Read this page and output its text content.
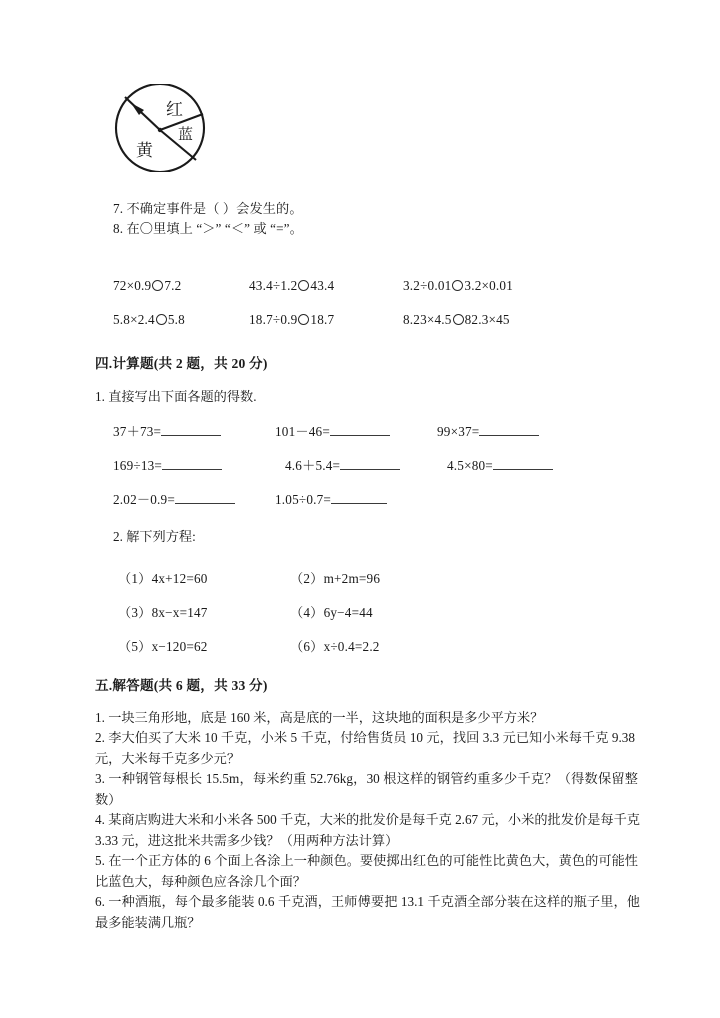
红
蓝
黄
7. 不确定事件是（ ）会发生的。
8. 在〇里填上 “＞” “＜” 或 “=”。
72×0.9 7.2	43.4÷1.2 43.4	3.2÷0.01 3.2×0.01
5.8×2.4 5.8	18.7÷0.9 18.7	8.23×4.5 82.3×45
四.计算题(共 2 题，共 20 分)
1. 直接写出下面各题的得数.
37＋73=	101－46=	99×37=
169÷13=	4.6＋5.4=	4.5×80=
2.02－0.9=	1.05÷0.7=
2. 解下列方程:
（1）4x+12=60	（2）m+2m=96
（3）8x−x=147	（4）6y−4=44
（5）x−120=62	（6）x÷0.4=2.2
五.解答题(共 6 题，共 33 分)
1. 一块三角形地，底是 160 米，高是底的一半，这块地的面积是多少平方米？
2. 李大伯买了大米 10 千克，小米 5 千克，付给售货员 10 元，找回 3.3 元已知小米每千克 9.38 元，大米每千克多少元？
3. 一种钢管每根长 15.5m，每米约重 52.76kg，30 根这样的钢管约重多少千克？（得数保留整数）
4. 某商店购进大米和小米各 500 千克，大米的批发价是每千克 2.67 元，小米的批发价是每千克 3.33 元，进这批米共需多少钱？（用两种方法计算）
5. 在一个正方体的 6 个面上各涂上一种颜色。要使掷出红色的可能性比黄色大，黄色的可能性比蓝色大，每种颜色应各涂几个面？
6. 一种酒瓶，每个最多能装 0.6 千克酒，王师傅要把 13.1 千克酒全部分装在这样的瓶子里，他最多能装满几瓶？
